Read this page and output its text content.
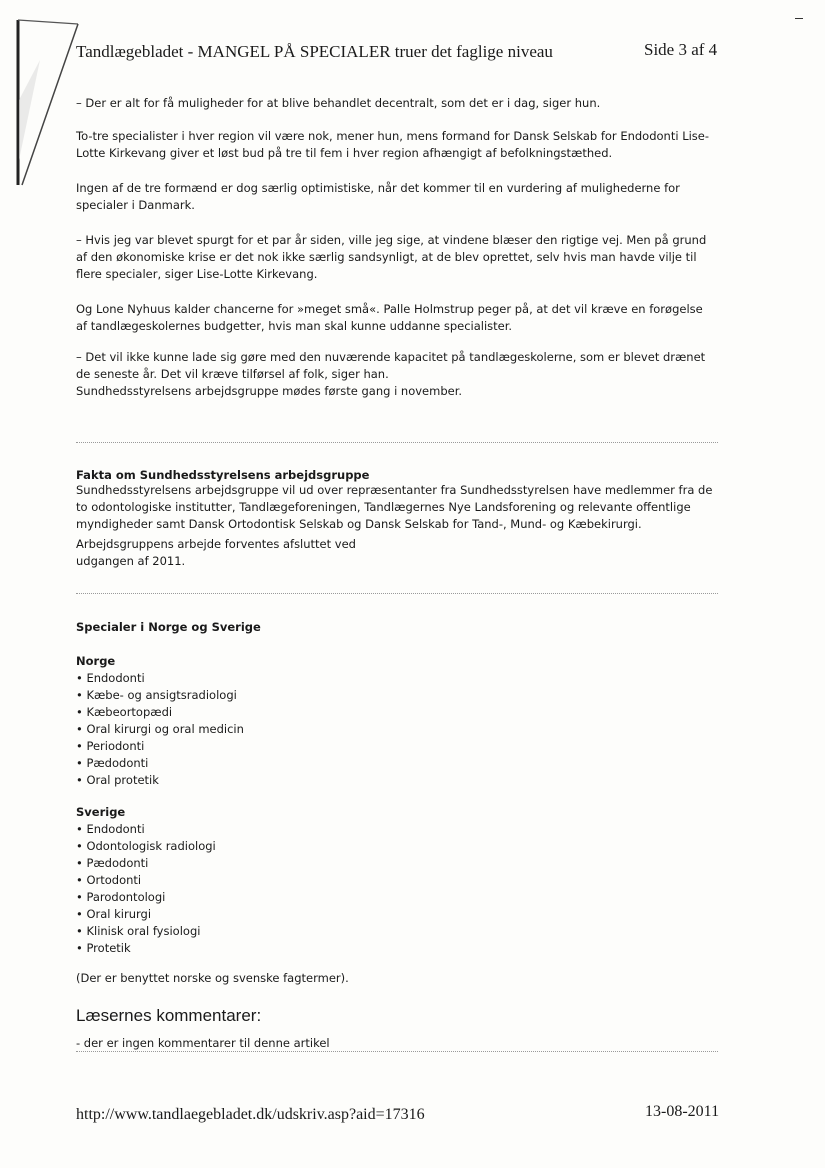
Tandlægebladet - MANGEL PÅ SPECIALER truer det faglige niveau	Side 3 af 4

– Der er alt for få muligheder for at blive behandlet decentralt, som det er i dag, siger hun.

To-tre specialister i hver region vil være nok, mener hun, mens formand for Dansk Selskab for Endodonti Lise-Lotte Kirkevang giver et løst bud på tre til fem i hver region afhængigt af befolkningstæthed.

Ingen af de tre formænd er dog særlig optimistiske, når det kommer til en vurdering af mulighederne for specialer i Danmark.

– Hvis jeg var blevet spurgt for et par år siden, ville jeg sige, at vindene blæser den rigtige vej. Men på grund af den økonomiske krise er det nok ikke særlig sandsynligt, at de blev oprettet, selv hvis man havde vilje til flere specialer, siger Lise-Lotte Kirkevang.

Og Lone Nyhuus kalder chancerne for »meget små«. Palle Holmstrup peger på, at det vil kræve en forøgelse af tandlægeskolernes budgetter, hvis man skal kunne uddanne specialister.

– Det vil ikke kunne lade sig gøre med den nuværende kapacitet på tandlægeskolerne, som er blevet drænet de seneste år. Det vil kræve tilførsel af folk, siger han.

Sundhedsstyrelsens arbejdsgruppe mødes første gang i november.

Fakta om Sundhedsstyrelsens arbejdsgruppe

Sundhedsstyrelsens arbejdsgruppe vil ud over repræsentanter fra Sundhedsstyrelsen have medlemmer fra de to odontologiske institutter, Tandlægeforeningen, Tandlægernes Nye Landsforening og relevante offentlige myndigheder samt Dansk Ortodontisk Selskab og Dansk Selskab for Tand-, Mund- og Kæbekirurgi.

Arbejdsgruppens arbejde forventes afsluttet ved
udgangen af 2011.
Specialer i Norge og Sverige
Norge
• Endodonti
• Kæbe- og ansigtsradiologi
• Kæbeortopædi
• Oral kirurgi og oral medicin
• Periodonti
• Pædodonti
• Oral protetik
Sverige
• Endodonti
• Odontologisk radiologi
• Pædodonti
• Ortodonti
• Parodontologi
• Oral kirurgi
• Klinisk oral fysiologi
• Protetik
(Der er benyttet norske og svenske fagtermer).
Læsernes kommentarer:
- der er ingen kommentarer til denne artikel
http://www.tandlaegebladet.dk/udskriv.asp?aid=17316	13-08-2011
